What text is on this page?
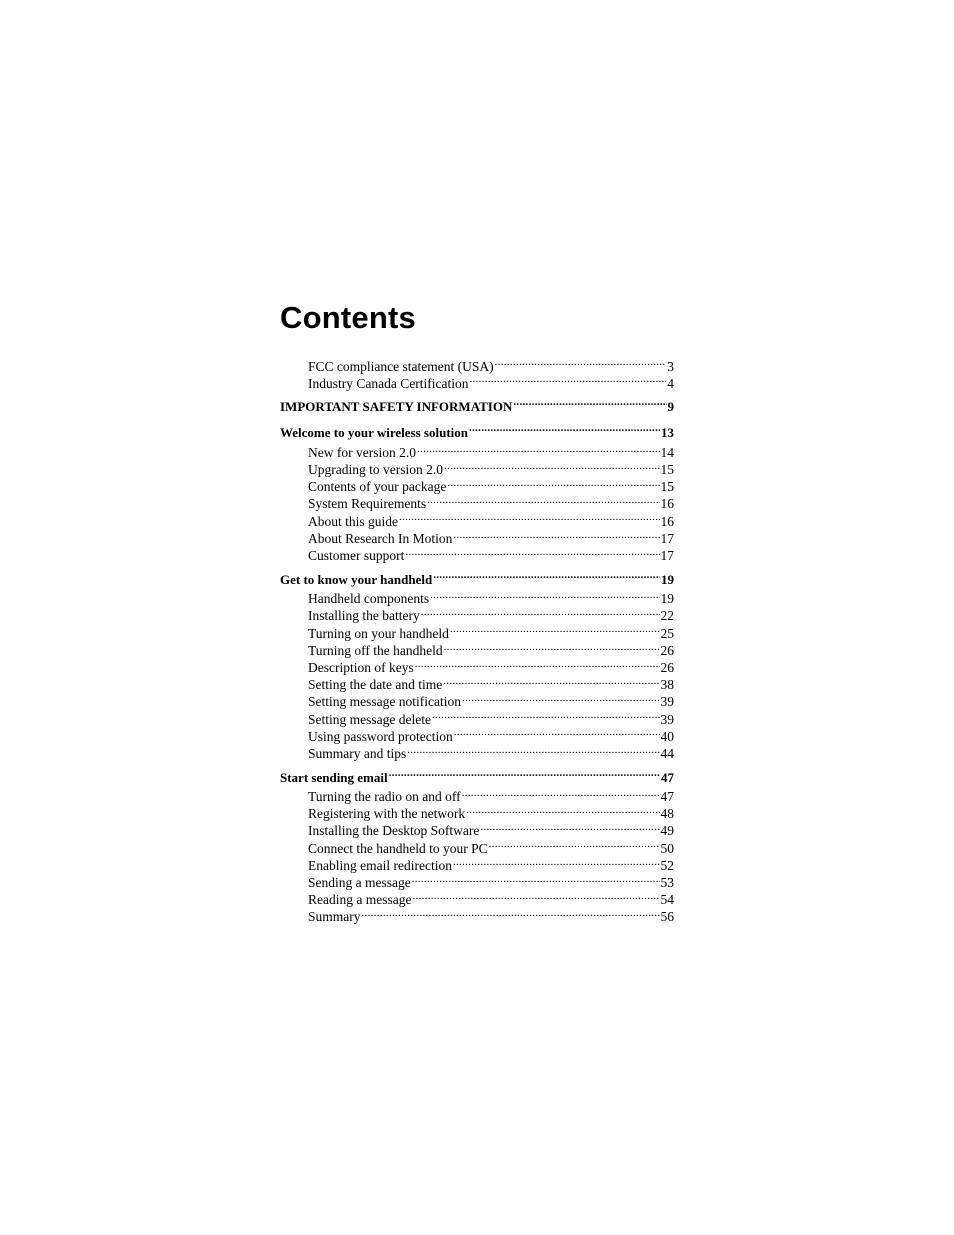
Contents
FCC compliance statement (USA) .....	3
Industry Canada Certification .....	4
IMPORTANT SAFETY INFORMATION .....	9
Welcome to your wireless solution .....	13
New for version 2.0 .....	14
Upgrading to version 2.0 .....	15
Contents of your package .....	15
System Requirements .....	16
About this guide .....	16
About Research In Motion .....	17
Customer support .....	17
Get to know your handheld .....	19
Handheld components .....	19
Installing the battery .....	22
Turning on your handheld .....	25
Turning off the handheld .....	26
Description of keys .....	26
Setting the date and time .....	38
Setting message notification .....	39
Setting message delete .....	39
Using password protection .....	40
Summary and tips .....	44
Start sending email .....	47
Turning the radio on and off .....	47
Registering with the network .....	48
Installing the Desktop Software .....	49
Connect the handheld to your PC .....	50
Enabling email redirection .....	52
Sending a message .....	53
Reading a message .....	54
Summary .....	56
